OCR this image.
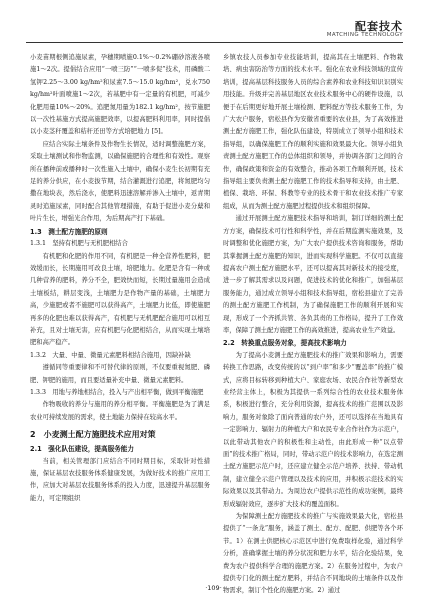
配套技术
MATCHING TECHNOLOGY

小麦苗期根侧追施尿素，孕穗期喷施0.1%～0.2%硼砂溶液各喷施1～2次。提倡结合应用“一喷三防”“一喷多促”技术，用磷酸二氢钾2.25～3.00 kg/hm²和尿素7.5～15.0 kg/hm²，兑水750 kg/hm²叶面喷施1～2次，若基肥中有一定量的有机肥，可减少化肥用量10%～20%。追肥氮用量为182.1 kg/hm²，按节施肥以一次性基施方式提高施肥效率，以提高肥料利用率，同时提倡以小麦茎秆覆盖和秸秆还田等方式培肥地力 [5]。

应结合实际土壤条件及作物生长情况，适时调整施肥方案，采取土壤测试和作物监测，以确保施肥的合理性和有效性。观察所在播种前或播种时一次性施入土壤中，确保小麦生长初期有充足的养分供应，在小麦拔节期，结合灌溉进行追肥，将氮肥均匀撒在地块表，然后浇水，使肥料迅速溶解并渗入土壤中，返青期灵时追施尿素，同时配合其他管理措施，有助于促进小麦分蘖和叶片生长，增强光合作用，为后期高产打下基础。

1.3　测土配方施肥的原则
1.3.1　坚持有机肥与无机肥相结合

有机肥和化肥的作用不同，有机肥是一种全营养性肥料，肥效缓而长，长期施用可改良土壤，培肥地力。化肥是含有一种或几种营养的肥料，养分不全，肥效快而短，长期过量施用会造成土壤板结，耕层变浅，土壤肥力是作物产量的基础，土壤肥力高，少施肥或者不施肥可以获得高产，土壤肥力比低，即使施肥再多的化肥也难以获得高产，有机肥与无机肥配合施用可以相互补充，且对土壤无害，应有机肥与化肥相结合，从而实现土壤培肥和高产稳产。

1.3.2　大量、中量、微量元素肥料相结合施用，因缺补缺

遵循同等重要律和不可替代律的原则，不仅要重视氮肥、磷肥、钾肥的施用，而且要适量补充中量、微量元素肥料。

1.3.3　用地与养地相结合，投入与产出相平衡，做到平衡施肥

作物吸收的养分与施用的养分相平衡。平衡施肥是为了满足农业可持续发展的需求，使土地能力保持在较高水平。

2　小麦测土配方施肥技术应用对策
2.1　强化队伍建设，提高服务能力

当前，相关管理部门应结合不同时期目标，采取针对性措施，保证基层农技服务体系健康发展，为做好技术的推广应用工作，应加大对基层农技服务体系的投入力度，迅速提升基层服务能力，可定期组织

乡镇农技人员参加专业技能培训，提高其在土壤肥料、作物栽培、病虫害防治等方面的技术水平。强化在农业科技领域的宣传培训，提高基层科技服务人员的综合素养和农业科技知识识别实用技能。升级并完善基层地区农业技术服务中心的硬件设施，以便于在后期更好地开展土壤检测、肥料配方等技术服务工作，为广大农户服务，宿松县作为安徽省重要的农业县，为了高效推进测土配方施肥工作，强化队伍建设，特别成立了领导小组和技术指导组，以确保施肥工作的顺利实施和效果最大化。领导小组负责测土配方施肥工作的总体组织和领导，并协调各部门之间的合作，确保政策和资金的有效整合，推动各项工作顺利开展，技术指导组主要负责测土配方施肥工作的技术指导和支持，由土肥、植保、栽培、环保、科教等专业的技术骨干和农业技术推广专家组成，从而为测土配方施肥过程提供技术和组织保障。

通过开展测土配方施肥技术指导和培训，制订详细的测土配方方案，确保技术可行性和科学性，并在后期监测实施效果，及时调整和优化施肥方案，为广大农户提供技术咨询和服务，帮助其掌握测土配方施肥的知识，进而实现科学施肥。不仅可以直接提高农户测土配方施肥水平，还可以提高其对新技术的接受度，进一步了解其需求以及问题，促进技术的优化和推广，加强基层服务能力，通过成立领导小组和技术指导组，宿松县建立了完善的测土配方施肥工作机制，为了确保施肥工作的顺利开展和实现，形成了一个齐抓共管、各负其责的工作格局，提升了工作效率，保障了测土配方施肥工作的高效推进，提高农业生产效益。

2.2　转换重点服务对象，提高技术影响力

为了提高小麦测土配方施肥技术的推广效果和影响力，需要转换工作思路，改变传统的以“到户率”和多少“覆盖率”的推广模式，应将目标转移到种植大户、家庭农场、农民合作社等新型农业经营主体上，积极为其提供一系列综合性的农业技术服务体系，积极进行整合，充分利用资源，提高技术的推广范围以及影响力，服务对象除了面向普通的农户外，还可以选择在当地具有一定影响力、辐射力的种植大户和农民专业合作社作为示范户，以此带动其他农户的积极性和主动性，由此形成一种“以点带面”的技术推广格局，同时，带动示范户的技术影响力，在选定测土配方施肥示范户时，还应建立健全示范户培养、扶持、带动机制，建立健全示范户管理以及技术的应用，并积极示范技术的实际效果以及其带动力。为周边农户提供示范性的成功案例，最终形成辐射效应，逐步扩大技术的覆盖面积。

为保障测土配方施肥技术的推广与实施效果最大化，宿松县提供了“一条龙”服务，涵盖了测土、配方、配肥、供肥等各个环节。1）在测土供肥核心示范区中进行免费取样化验，通过科学分析，准确掌握土壤的养分状况和肥力水平，结合化验结果，免费为农户提供科学合理的施肥方案。2）在服务过程中，为农户提供专门化的测土配方肥料，并结合不同地块的土壤条件以及作物需求，制订个性化的施肥方案。2）通过

·109·
